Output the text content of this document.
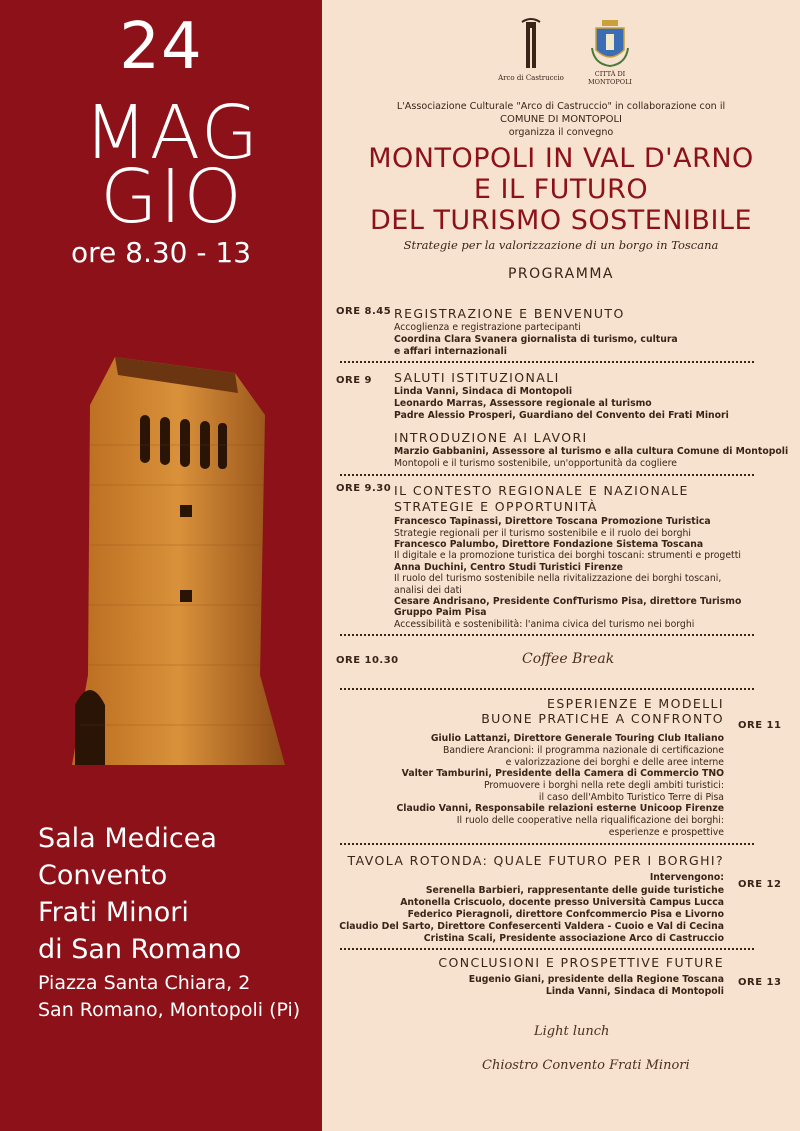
24
MAG
GIO
ore 8.30 - 13
Sala Medicea
Convento
Frati Minori
di San Romano
Piazza Santa Chiara, 2
San Romano, Montopoli (Pi)
Arco di Castruccio	CITTÀ DI
MONTOPOLI
L'Associazione Culturale "Arco di Castruccio" in collaborazione con il
COMUNE DI MONTOPOLI
organizza il convegno
MONTOPOLI IN VAL D'ARNO
E IL FUTURO
DEL TURISMO SOSTENIBILE
Strategie per la valorizzazione di un borgo in Toscana
PROGRAMMA
ORE 8.45 REGISTRAZIONE E BENVENUTO
Accoglienza e registrazione partecipanti
Coordina Clara Svanera giornalista di turismo, cultura
e affari internazionali
ORE 9 SALUTI ISTITUZIONALI
Linda Vanni, Sindaca di Montopoli
Leonardo Marras, Assessore regionale al turismo
Padre Alessio Prosperi, Guardiano del Convento dei Frati Minori
INTRODUZIONE AI LAVORI
Marzio Gabbanini, Assessore al turismo e alla cultura Comune di Montopoli
Montopoli e il turismo sostenibile, un'opportunità da cogliere
ORE 9.30 IL CONTESTO REGIONALE E NAZIONALE
STRATEGIE E OPPORTUNITÀ
Francesco Tapinassi, Direttore Toscana Promozione Turistica
Strategie regionali per il turismo sostenibile e il ruolo dei borghi
Francesco Palumbo, Direttore Fondazione Sistema Toscana
Il digitale e la promozione turistica dei borghi toscani: strumenti e progetti
Anna Duchini, Centro Studi Turistici Firenze
Il ruolo del turismo sostenibile nella rivitalizzazione dei borghi toscani,
analisi dei dati
Cesare Andrisano, Presidente ConfTurismo Pisa, direttore Turismo
Gruppo Paim Pisa
Accessibilità e sostenibilità: l'anima civica del turismo nei borghi
ORE 10.30	Coffee Break
ESPERIENZE E MODELLI
BUONE PRATICHE A CONFRONTO ORE 11
Giulio Lattanzi, Direttore Generale Touring Club Italiano
Bandiere Arancioni: il programma nazionale di certificazione
e valorizzazione dei borghi e delle aree interne
Valter Tamburini, Presidente della Camera di Commercio TNO
Promuovere i borghi nella rete degli ambiti turistici:
il caso dell'Ambito Turistico Terre di Pisa
Claudio Vanni, Responsabile relazioni esterne Unicoop Firenze
Il ruolo delle cooperative nella riqualificazione dei borghi:
esperienze e prospettive
TAVOLA ROTONDA: QUALE FUTURO PER I BORGHI?
Intervengono:
ORE 12
Serenella Barbieri, rappresentante delle guide turistiche
Antonella Criscuolo, docente presso Università Campus Lucca
Federico Pieragnoli, direttore Confcommercio Pisa e Livorno
Claudio Del Sarto, Direttore Confesercenti Valdera - Cuoio e Val di Cecina
Cristina Scali, Presidente associazione Arco di Castruccio
CONCLUSIONI E PROSPETTIVE FUTURE
ORE 13
Eugenio Giani, presidente della Regione Toscana
Linda Vanni, Sindaca di Montopoli
Light lunch
Chiostro Convento Frati Minori
